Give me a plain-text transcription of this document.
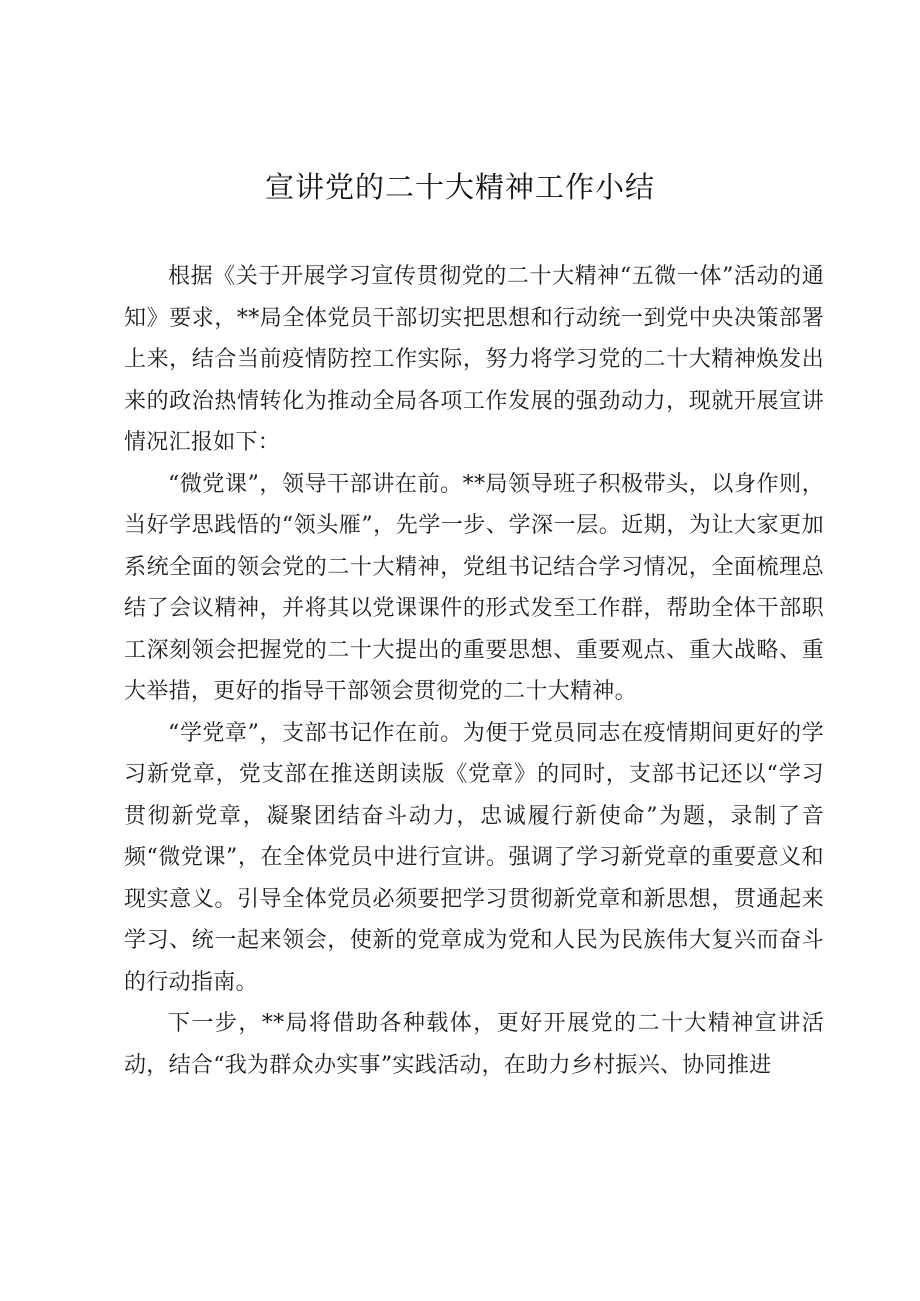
宣讲党的二十大精神工作小结

根据《关于开展学习宣传贯彻党的二十大精神“五微一体”活动的通知》要求，**局全体党员干部切实把思想和行动统一到党中央决策部署上来，结合当前疫情防控工作实际，努力将学习党的二十大精神焕发出来的政治热情转化为推动全局各项工作发展的强劲动力，现就开展宣讲情况汇报如下：

“微党课”，领导干部讲在前。**局领导班子积极带头，以身作则，当好学思践悟的“领头雁”，先学一步、学深一层。近期，为让大家更加系统全面的领会党的二十大精神，党组书记结合学习情况，全面梳理总结了会议精神，并将其以党课课件的形式发至工作群，帮助全体干部职工深刻领会把握党的二十大提出的重要思想、重要观点、重大战略、重大举措，更好的指导干部领会贯彻党的二十大精神。

“学党章”，支部书记作在前。为便于党员同志在疫情期间更好的学习新党章，党支部在推送朗读版《党章》的同时，支部书记还以“学习贯彻新党章，凝聚团结奋斗动力，忠诚履行新使命”为题，录制了音频“微党课”，在全体党员中进行宣讲。强调了学习新党章的重要意义和现实意义。引导全体党员必须要把学习贯彻新党章和新思想，贯通起来学习、统一起来领会，使新的党章成为党和人民为民族伟大复兴而奋斗的行动指南。

下一步，**局将借助各种载体，更好开展党的二十大精神宣讲活动，结合“我为群众办实事”实践活动，在助力乡村振兴、协同推进
